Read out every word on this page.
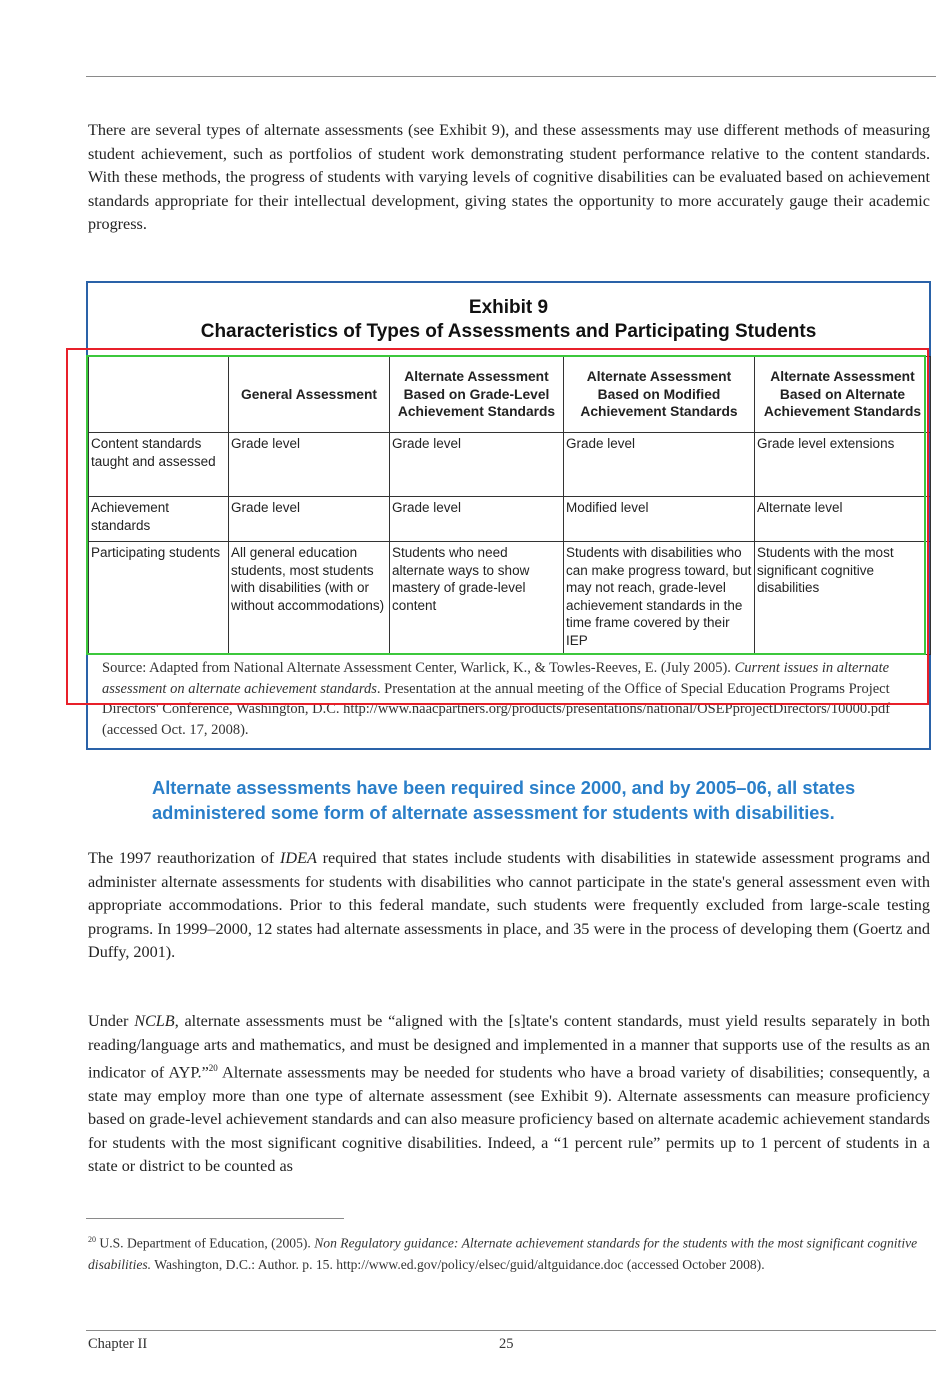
There are several types of alternate assessments (see Exhibit 9), and these assessments may use different methods of measuring student achievement, such as portfolios of student work demonstrating student performance relative to the content standards. With these methods, the progress of students with varying levels of cognitive disabilities can be evaluated based on achievement standards appropriate for their intellectual development, giving states the opportunity to more accurately gauge their academic progress.

Exhibit 9

Characteristics of Types of Assessments and Participating Students

	General Assessment	Alternate Assessment Based on Grade-Level Achievement Standards	Alternate Assessment Based on Modified Achievement Standards	Alternate Assessment Based on Alternate Achievement Standards
Content standards taught and assessed	Grade level	Grade level	Grade level	Grade level extensions
Achievement standards	Grade level	Grade level	Modified level	Alternate level
Participating students	All general education students, most students with disabilities (with or without accommodations)	Students who need alternate ways to show mastery of grade-level content	Students with disabilities who can make progress toward, but may not reach, grade-level achievement standards in the time frame covered by their IEP	Students with the most significant cognitive disabilities

Source: Adapted from National Alternate Assessment Center, Warlick, K., & Towles-Reeves, E. (July 2005). Current issues in alternate assessment on alternate achievement standards. Presentation at the annual meeting of the Office of Special Education Programs Project Directors' Conference, Washington, D.C. http://www.naacpartners.org/products/presentations/national/OSEPprojectDirectors/10000.pdf (accessed Oct. 17, 2008).

Alternate assessments have been required since 2000, and by 2005–06, all states administered some form of alternate assessment for students with disabilities.

The 1997 reauthorization of IDEA required that states include students with disabilities in statewide assessment programs and administer alternate assessments for students with disabilities who cannot participate in the state's general assessment even with appropriate accommodations. Prior to this federal mandate, such students were frequently excluded from large-scale testing programs. In 1999–2000, 12 states had alternate assessments in place, and 35 were in the process of developing them (Goertz and Duffy, 2001).

Under NCLB, alternate assessments must be “aligned with the [s]tate's content standards, must yield results separately in both reading/language arts and mathematics, and must be designed and implemented in a manner that supports use of the results as an indicator of AYP.”$^{20}$ Alternate assessments may be needed for students who have a broad variety of disabilities; consequently, a state may employ more than one type of alternate assessment (see Exhibit 9). Alternate assessments can measure proficiency based on grade-level achievement standards and can also measure proficiency based on alternate academic achievement standards for students with the most significant cognitive disabilities. Indeed, a “1 percent rule” permits up to 1 percent of students in a state or district to be counted as

$^{20}$ U.S. Department of Education, (2005). Non Regulatory guidance: Alternate achievement standards for the students with the most significant cognitive disabilities. Washington, D.C.: Author. p. 15. http://www.ed.gov/policy/elsec/guid/altguidance.doc (accessed October 2008).

Chapter II	25
